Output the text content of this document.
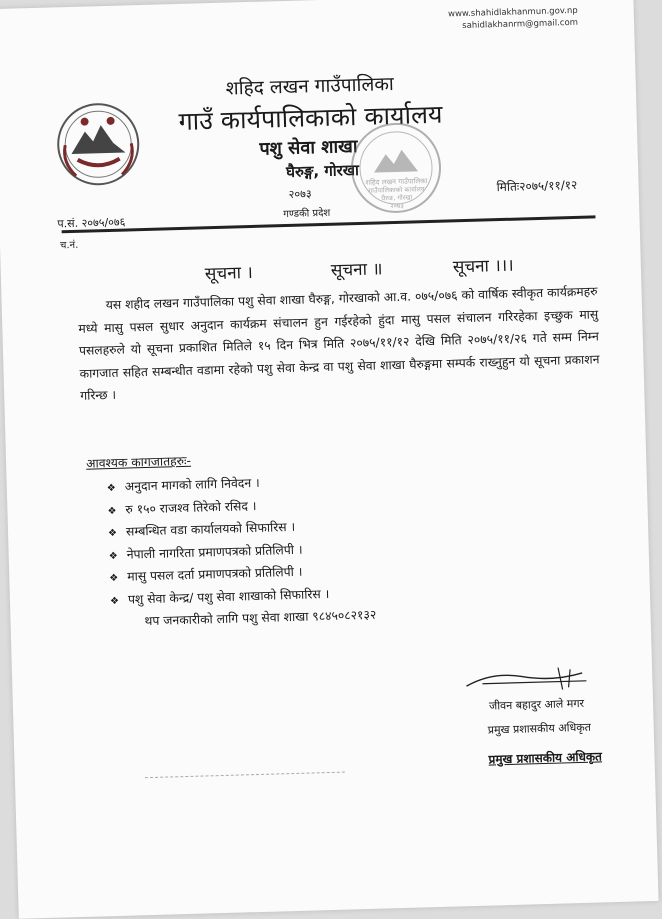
www.shahidlakhanmun.gov.np
sahidlakhanrm@gmail.com
शहिद लखन गाउँपालिका
गाउँ कार्यपालिकाको कार्यालय
पशु सेवा शाखा
घैरुङ्ग, गोरखा
२०७३
गण्डकी प्रदेश
मितिः२०७५/११/१२
प.सं. २०७५/०७६
च.नं.
शहिद लखन गाउँपालिका
गाउँपालिकाको कार्यालय
घैरुङ, गोरखा
२०७३
सूचना ।	सूचना ॥	सूचना ।।।

यस शहीद लखन गाउँपालिका पशु सेवा शाखा घैरुङ्ग, गोरखाको आ.व. ०७५/०७६ को वार्षिक स्वीकृत कार्यक्रमहरु मध्ये मासु पसल सुधार अनुदान कार्यक्रम संचालन हुन गईरहेको हुंदा मासु पसल संचालन गरिरहेका इच्छुक मासु पसलहरुले यो सूचना प्रकाशित मितिले १५ दिन भित्र मिति २०७५/११/१२ देखि मिति २०७५/११/२६ गते सम्म निम्न कागजात सहित सम्बन्धीत वडामा रहेको पशु सेवा केन्द्र वा पशु सेवा शाखा घैरुङ्गमा सम्पर्क राख्नुहुन यो सूचना प्रकाशन गरिन्छ ।

आवश्यक कागजातहरुः-
❖ अनुदान मागको लागि निवेदन ।
❖ रु १५० राजश्व तिरेको रसिद ।
❖ सम्बन्धित वडा कार्यालयको सिफारिस ।
❖ नेपाली नागरिता प्रमाणपत्रको प्रतिलिपी ।
❖ मासु पसल दर्ता प्रमाणपत्रको प्रतिलिपी ।
❖ पशु सेवा केन्द्र/ पशु सेवा शाखाको सिफारिस ।
थप जनकारीको लागि पशु सेवा शाखा ९८४५०८२१३२
जीवन बहादुर आले मगर
प्रमुख प्रशासकीय अधिकृत
प्रमुख प्रशासकीय अधिकृत
